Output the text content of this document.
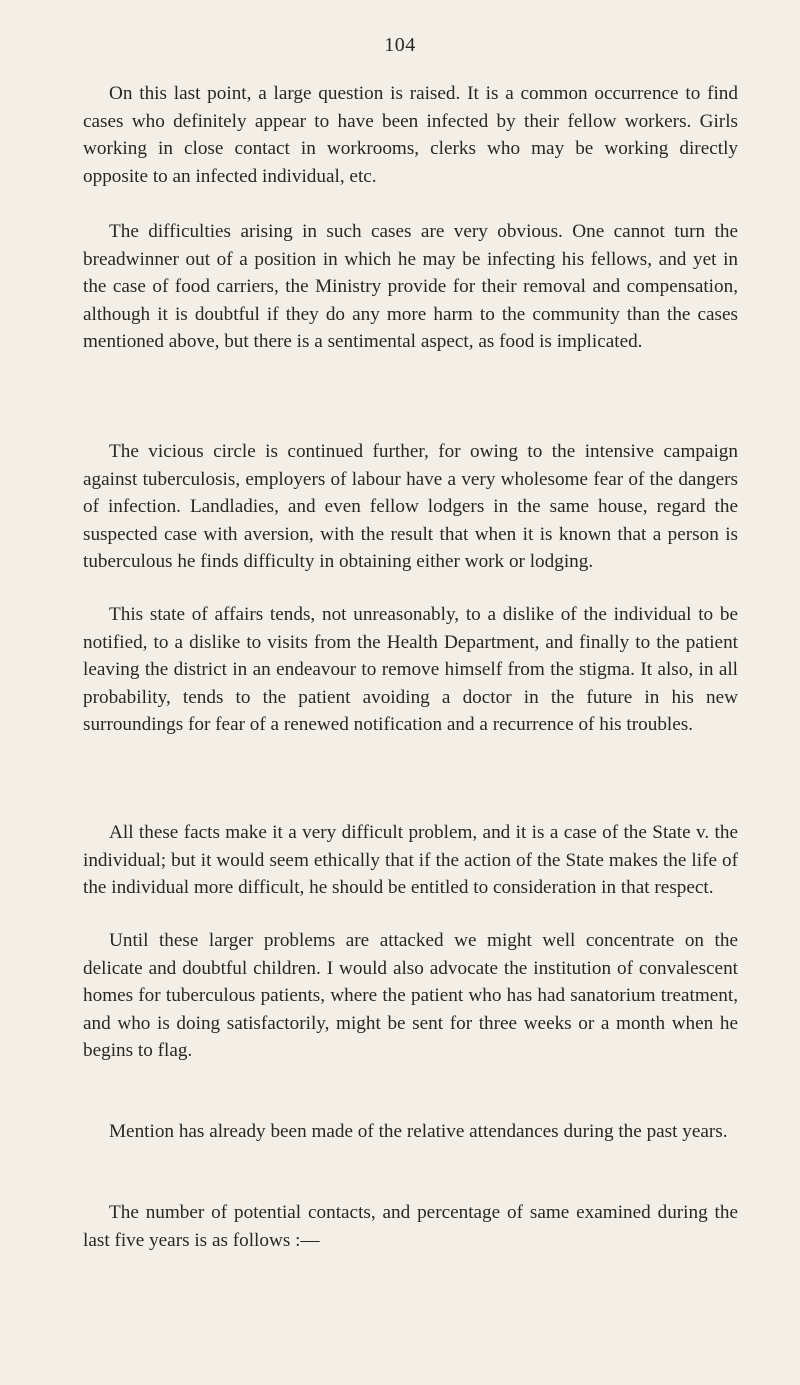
104

On this last point, a large question is raised. It is a common occurrence to find cases who definitely appear to have been infected by their fellow workers. Girls working in close contact in workrooms, clerks who may be working directly opposite to an infected individual, etc.

The difficulties arising in such cases are very obvious. One cannot turn the breadwinner out of a position in which he may be infecting his fellows, and yet in the case of food carriers, the Ministry provide for their removal and compensation, although it is doubtful if they do any more harm to the community than the cases mentioned above, but there is a sentimental aspect, as food is implicated.

The vicious circle is continued further, for owing to the intensive campaign against tuberculosis, employers of labour have a very wholesome fear of the dangers of infection. Landladies, and even fellow lodgers in the same house, regard the suspected case with aversion, with the result that when it is known that a person is tuberculous he finds difficulty in obtaining either work or lodging.

This state of affairs tends, not unreasonably, to a dislike of the individual to be notified, to a dislike to visits from the Health Department, and finally to the patient leaving the district in an endeavour to remove himself from the stigma. It also, in all probability, tends to the patient avoiding a doctor in the future in his new surroundings for fear of a renewed notification and a recurrence of his troubles.

All these facts make it a very difficult problem, and it is a case of the State v. the individual; but it would seem ethically that if the action of the State makes the life of the individual more difficult, he should be entitled to consideration in that respect.

Until these larger problems are attacked we might well concentrate on the delicate and doubtful children. I would also advocate the institution of convalescent homes for tuberculous patients, where the patient who has had sanatorium treatment, and who is doing satisfactorily, might be sent for three weeks or a month when he begins to flag.

Mention has already been made of the relative attendances during the past years.

The number of potential contacts, and percentage of same examined during the last five years is as follows :—
